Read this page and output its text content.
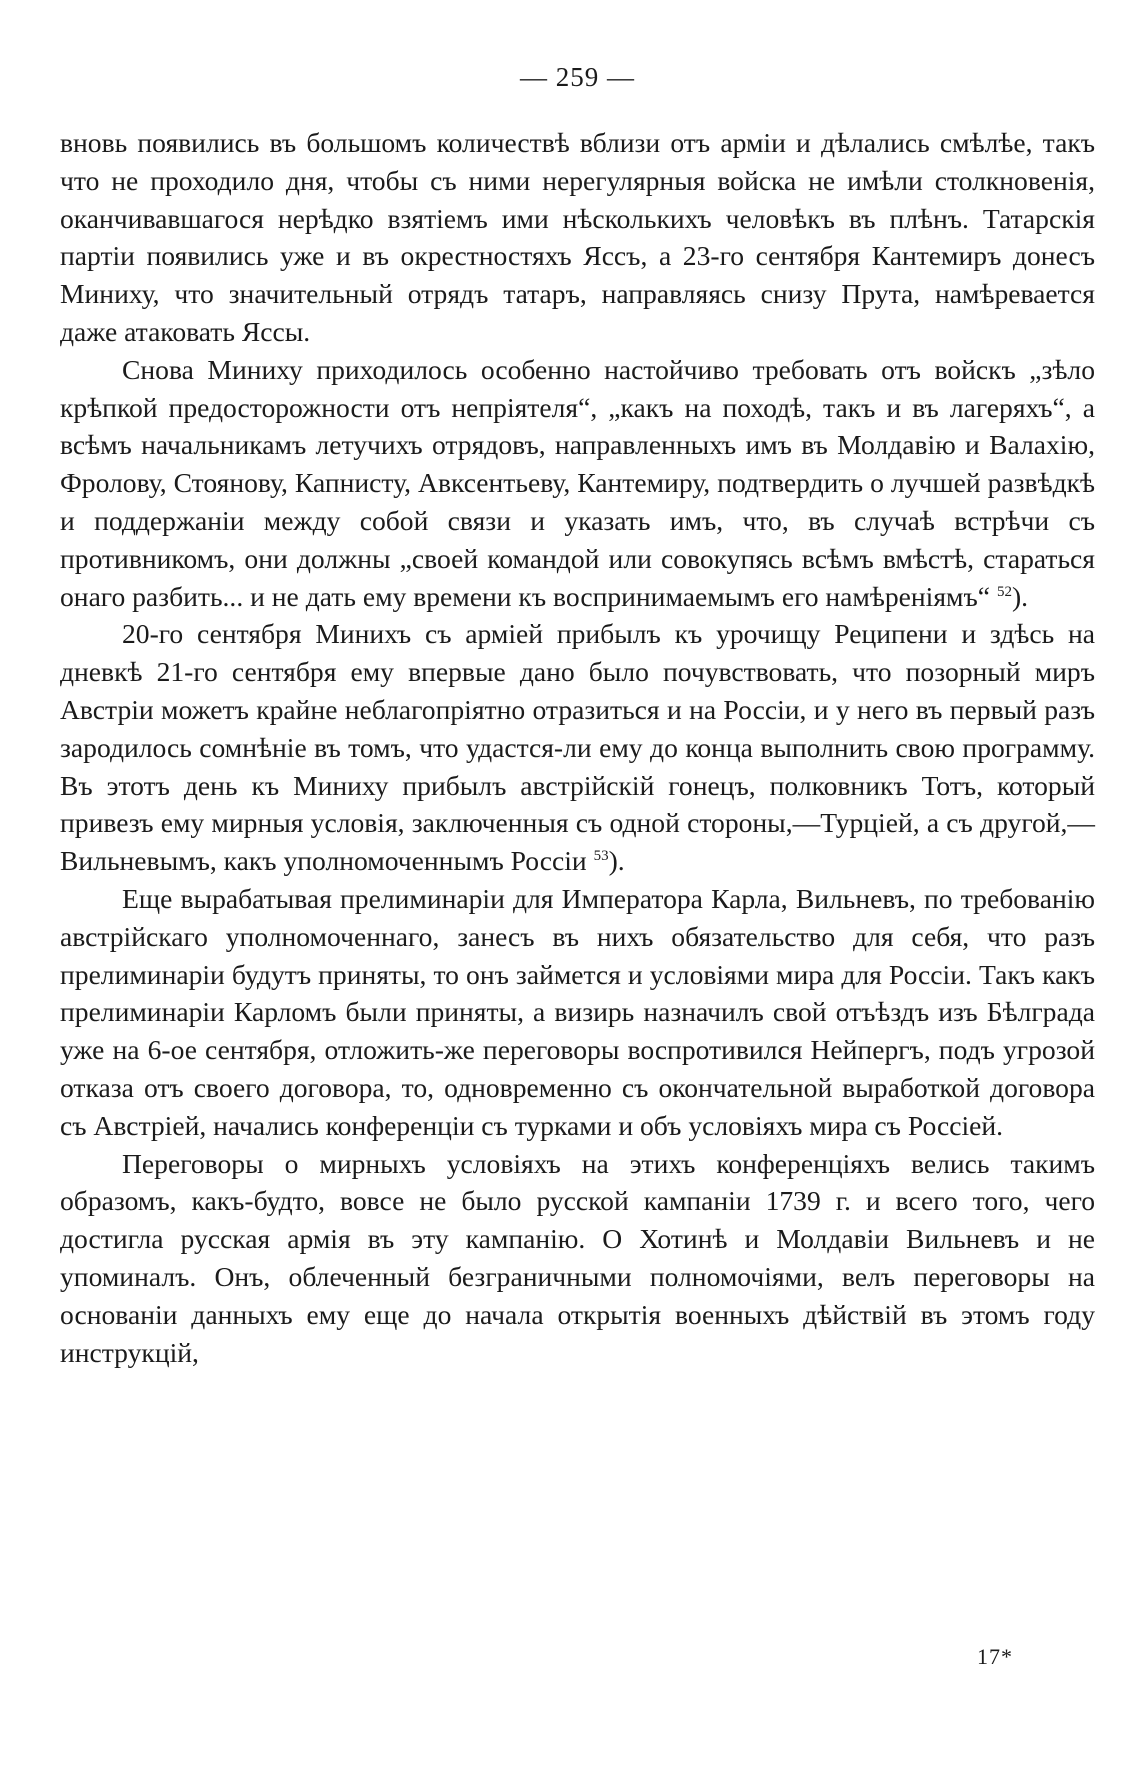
— 259 —

вновь появились въ большомъ количествѣ вблизи отъ арміи и дѣлались смѣлѣе, такъ что не проходило дня, чтобы съ ними нерегулярныя войска не имѣли столкновенія, оканчивавшагося нерѣдко взятіемъ ими нѣсколькихъ человѣкъ въ плѣнъ. Татарскія партіи появились уже и въ окрестностяхъ Яссъ, а 23-го сентября Кантемиръ донесъ Миниху, что значительный отрядъ татаръ, направляясь снизу Прута, намѣревается даже атаковать Яссы.

Снова Миниху приходилось особенно настойчиво требовать отъ войскъ „зѣло крѣпкой предосторожности отъ непріятеля“, „какъ на походѣ, такъ и въ лагеряхъ“, а всѣмъ начальникамъ летучихъ отрядовъ, направленныхъ имъ въ Молдавію и Валахію, Фролову, Стоянову, Капнисту, Авксентьеву, Кантемиру, подтвердить о лучшей развѣдкѣ и поддержаніи между собой связи и указать имъ, что, въ случаѣ встрѣчи съ противникомъ, они должны „своей командой или совокупясь всѣмъ вмѣстѣ, стараться онаго разбить... и не дать ему времени къ воспринимаемымъ его намѣреніямъ“ $^{52}$).

20-го сентября Минихъ съ арміей прибылъ къ урочищу Реципени и здѣсь на дневкѣ 21-го сентября ему впервые дано было почувствовать, что позорный миръ Австріи можетъ крайне неблагопріятно отразиться и на Россіи, и у него въ первый разъ зародилось сомнѣніе въ томъ, что удастся-ли ему до конца выполнить свою программу. Въ этотъ день къ Миниху прибылъ австрійскій гонецъ, полковникъ Тотъ, который привезъ ему мирныя условія, заключенныя съ одной стороны,—Турціей, а съ другой,—Вильневымъ, какъ уполномоченнымъ Россіи $^{53}$).

Еще вырабатывая прелиминаріи для Императора Карла, Вильневъ, по требованію австрійскаго уполномоченнаго, занесъ въ нихъ обязательство для себя, что разъ прелиминаріи будутъ приняты, то онъ займется и условіями мира для Россіи. Такъ какъ прелиминаріи Карломъ были приняты, а визирь назначилъ свой отъѣздъ изъ Бѣлграда уже на 6-ое сентября, отложить-же переговоры воспротивился Нейпергъ, подъ угрозой отказа отъ своего договора, то, одновременно съ окончательной выработкой договора съ Австріей, начались конференціи съ турками и объ условіяхъ мира съ Россіей.

Переговоры о мирныхъ условіяхъ на этихъ конференціяхъ велись такимъ образомъ, какъ-будто, вовсе не было русской кампаніи 1739 г. и всего того, чего достигла русская армія въ эту кампанію. О Хотинѣ и Молдавіи Вильневъ и не упоминалъ. Онъ, облеченный безграничными полномочіями, велъ переговоры на основаніи данныхъ ему еще до начала открытія военныхъ дѣйствій въ этомъ году инструкцій,

17*
